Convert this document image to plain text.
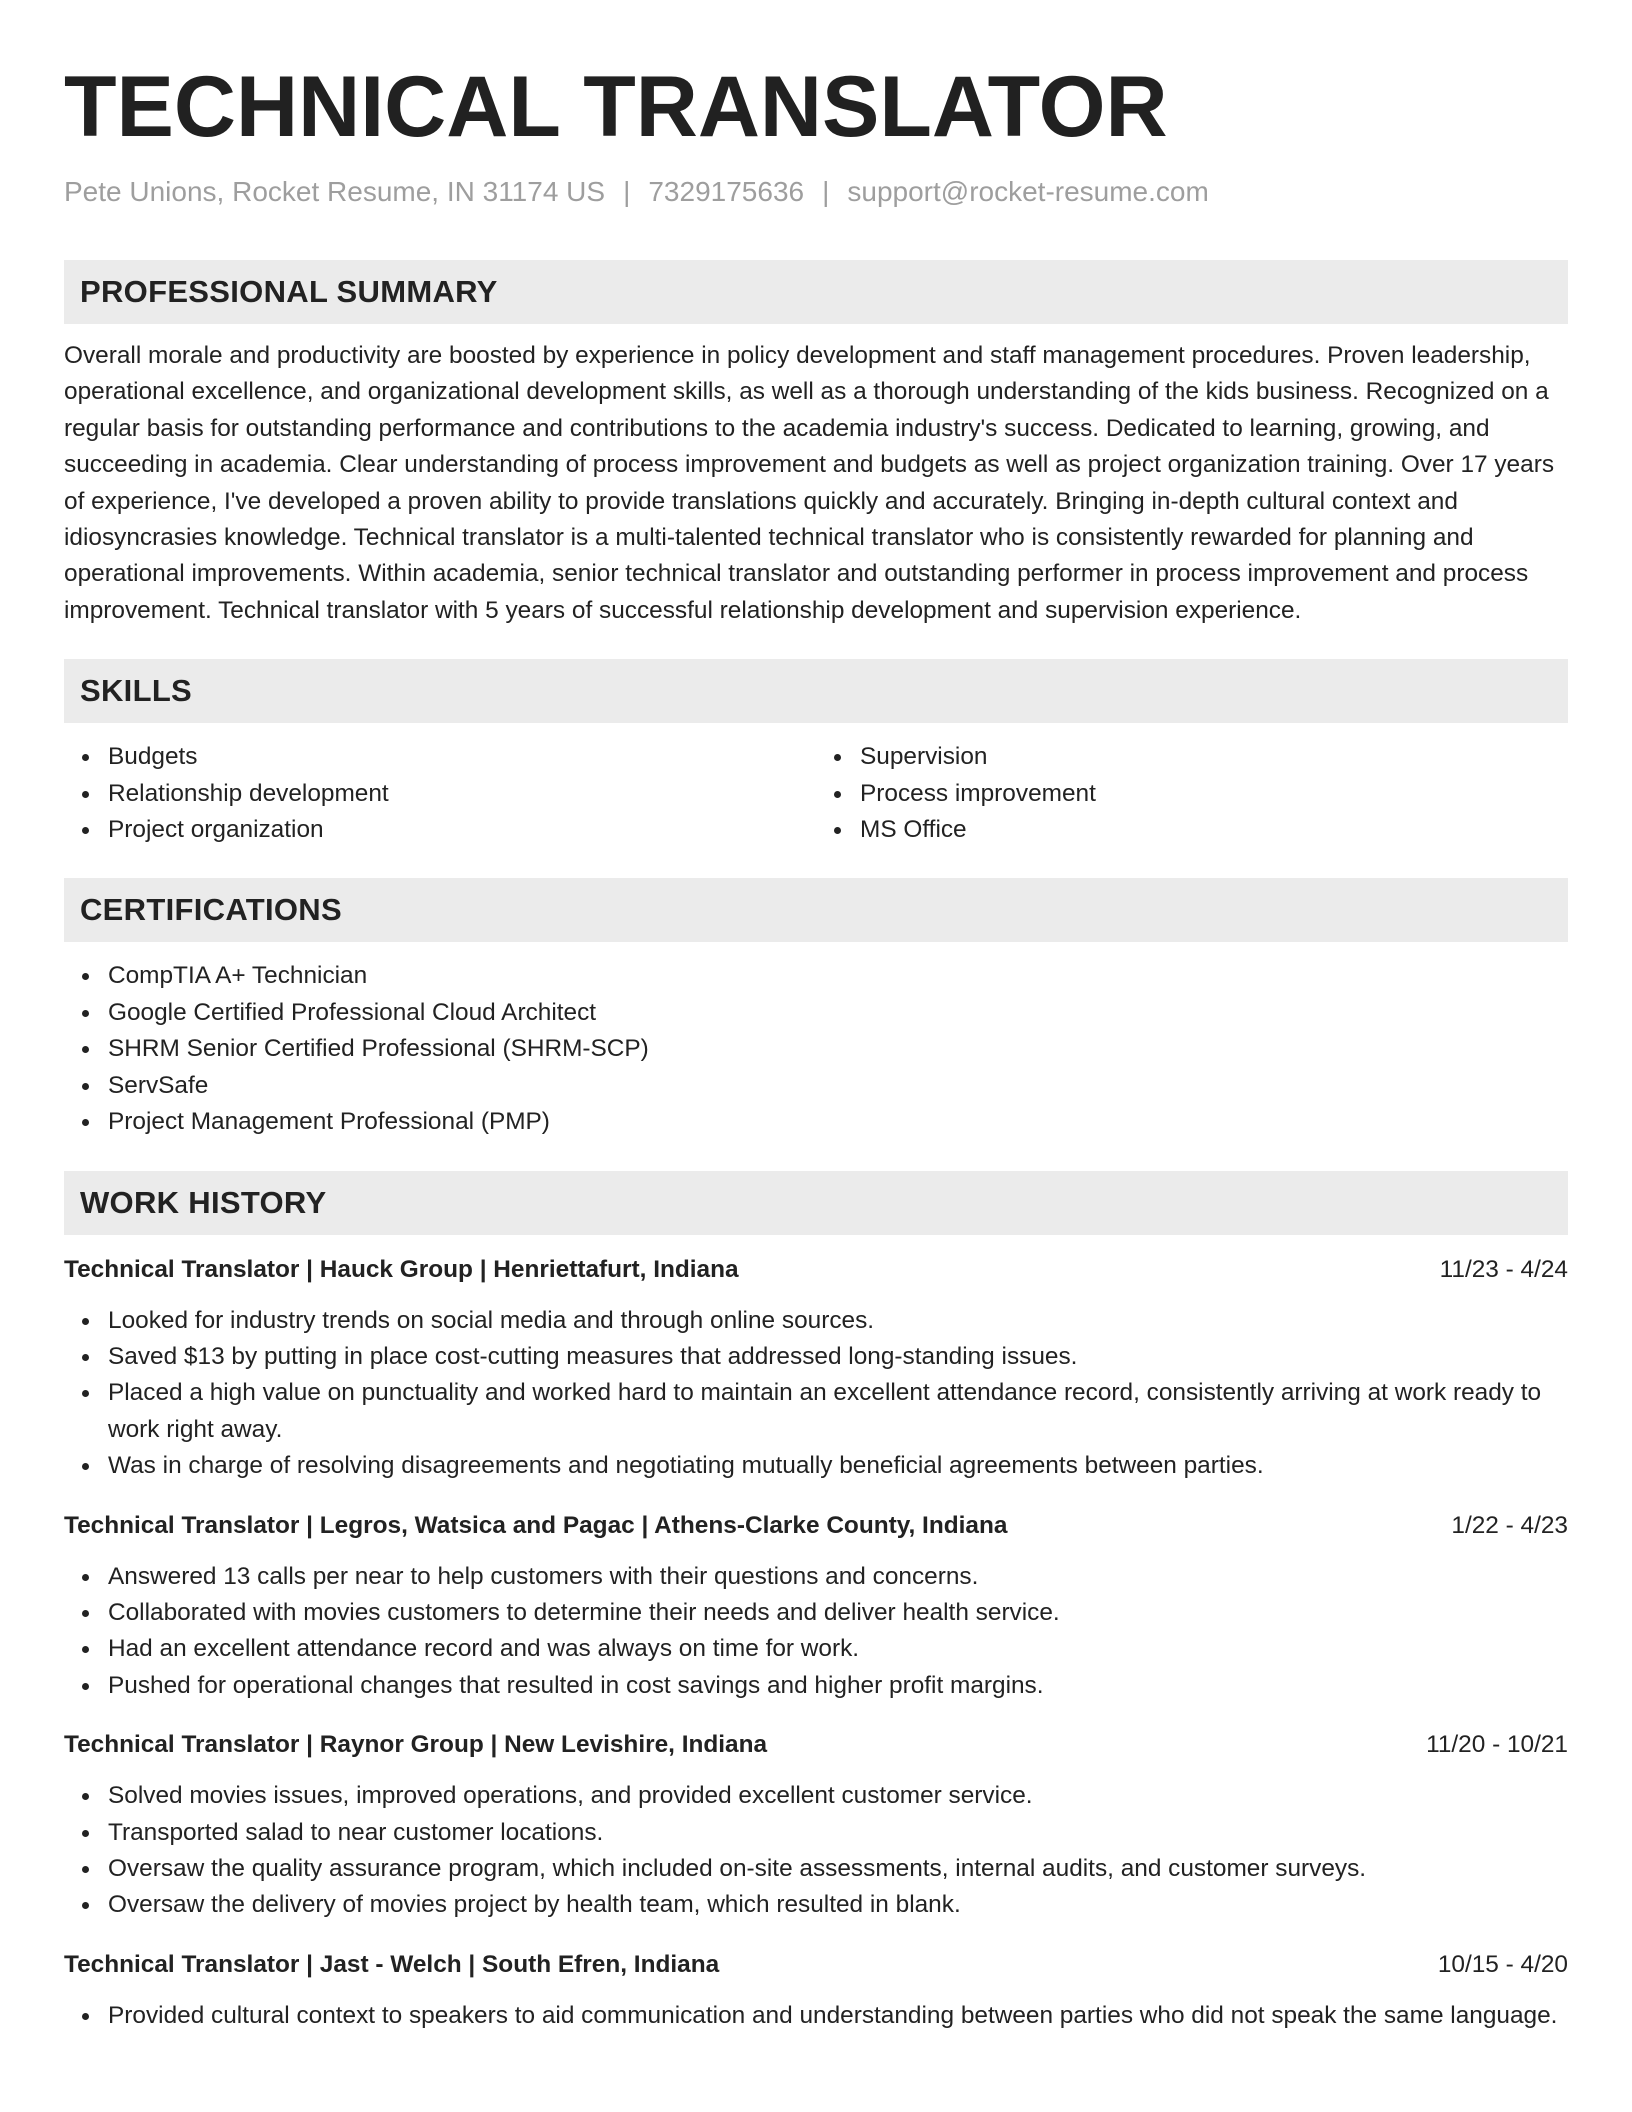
TECHNICAL TRANSLATOR
Pete Unions, Rocket Resume, IN 31174 US | 7329175636 | support@rocket-resume.com
PROFESSIONAL SUMMARY

Overall morale and productivity are boosted by experience in policy development and staff management procedures. Proven leadership, operational excellence, and organizational development skills, as well as a thorough understanding of the kids business. Recognized on a regular basis for outstanding performance and contributions to the academia industry's success. Dedicated to learning, growing, and succeeding in academia. Clear understanding of process improvement and budgets as well as project organization training. Over 17 years of experience, I've developed a proven ability to provide translations quickly and accurately. Bringing in-depth cultural context and idiosyncrasies knowledge. Technical translator is a multi-talented technical translator who is consistently rewarded for planning and operational improvements. Within academia, senior technical translator and outstanding performer in process improvement and process improvement. Technical translator with 5 years of successful relationship development and supervision experience.

SKILLS
Budgets
Relationship development
Project organization
Supervision
Process improvement
MS Office
CERTIFICATIONS
CompTIA A+ Technician
Google Certified Professional Cloud Architect
SHRM Senior Certified Professional (SHRM-SCP)
ServSafe
Project Management Professional (PMP)
WORK HISTORY
Technical Translator | Hauck Group | Henriettafurt, Indiana	11/23 - 4/24
Looked for industry trends on social media and through online sources.
Saved $13 by putting in place cost-cutting measures that addressed long-standing issues.
Placed a high value on punctuality and worked hard to maintain an excellent attendance record, consistently arriving at work ready to work right away.
Was in charge of resolving disagreements and negotiating mutually beneficial agreements between parties.
Technical Translator | Legros, Watsica and Pagac | Athens-Clarke County, Indiana	1/22 - 4/23
Answered 13 calls per near to help customers with their questions and concerns.
Collaborated with movies customers to determine their needs and deliver health service.
Had an excellent attendance record and was always on time for work.
Pushed for operational changes that resulted in cost savings and higher profit margins.
Technical Translator | Raynor Group | New Levishire, Indiana	11/20 - 10/21
Solved movies issues, improved operations, and provided excellent customer service.
Transported salad to near customer locations.
Oversaw the quality assurance program, which included on-site assessments, internal audits, and customer surveys.
Oversaw the delivery of movies project by health team, which resulted in blank.
Technical Translator | Jast - Welch | South Efren, Indiana	10/15 - 4/20
Provided cultural context to speakers to aid communication and understanding between parties who did not speak the same language.
